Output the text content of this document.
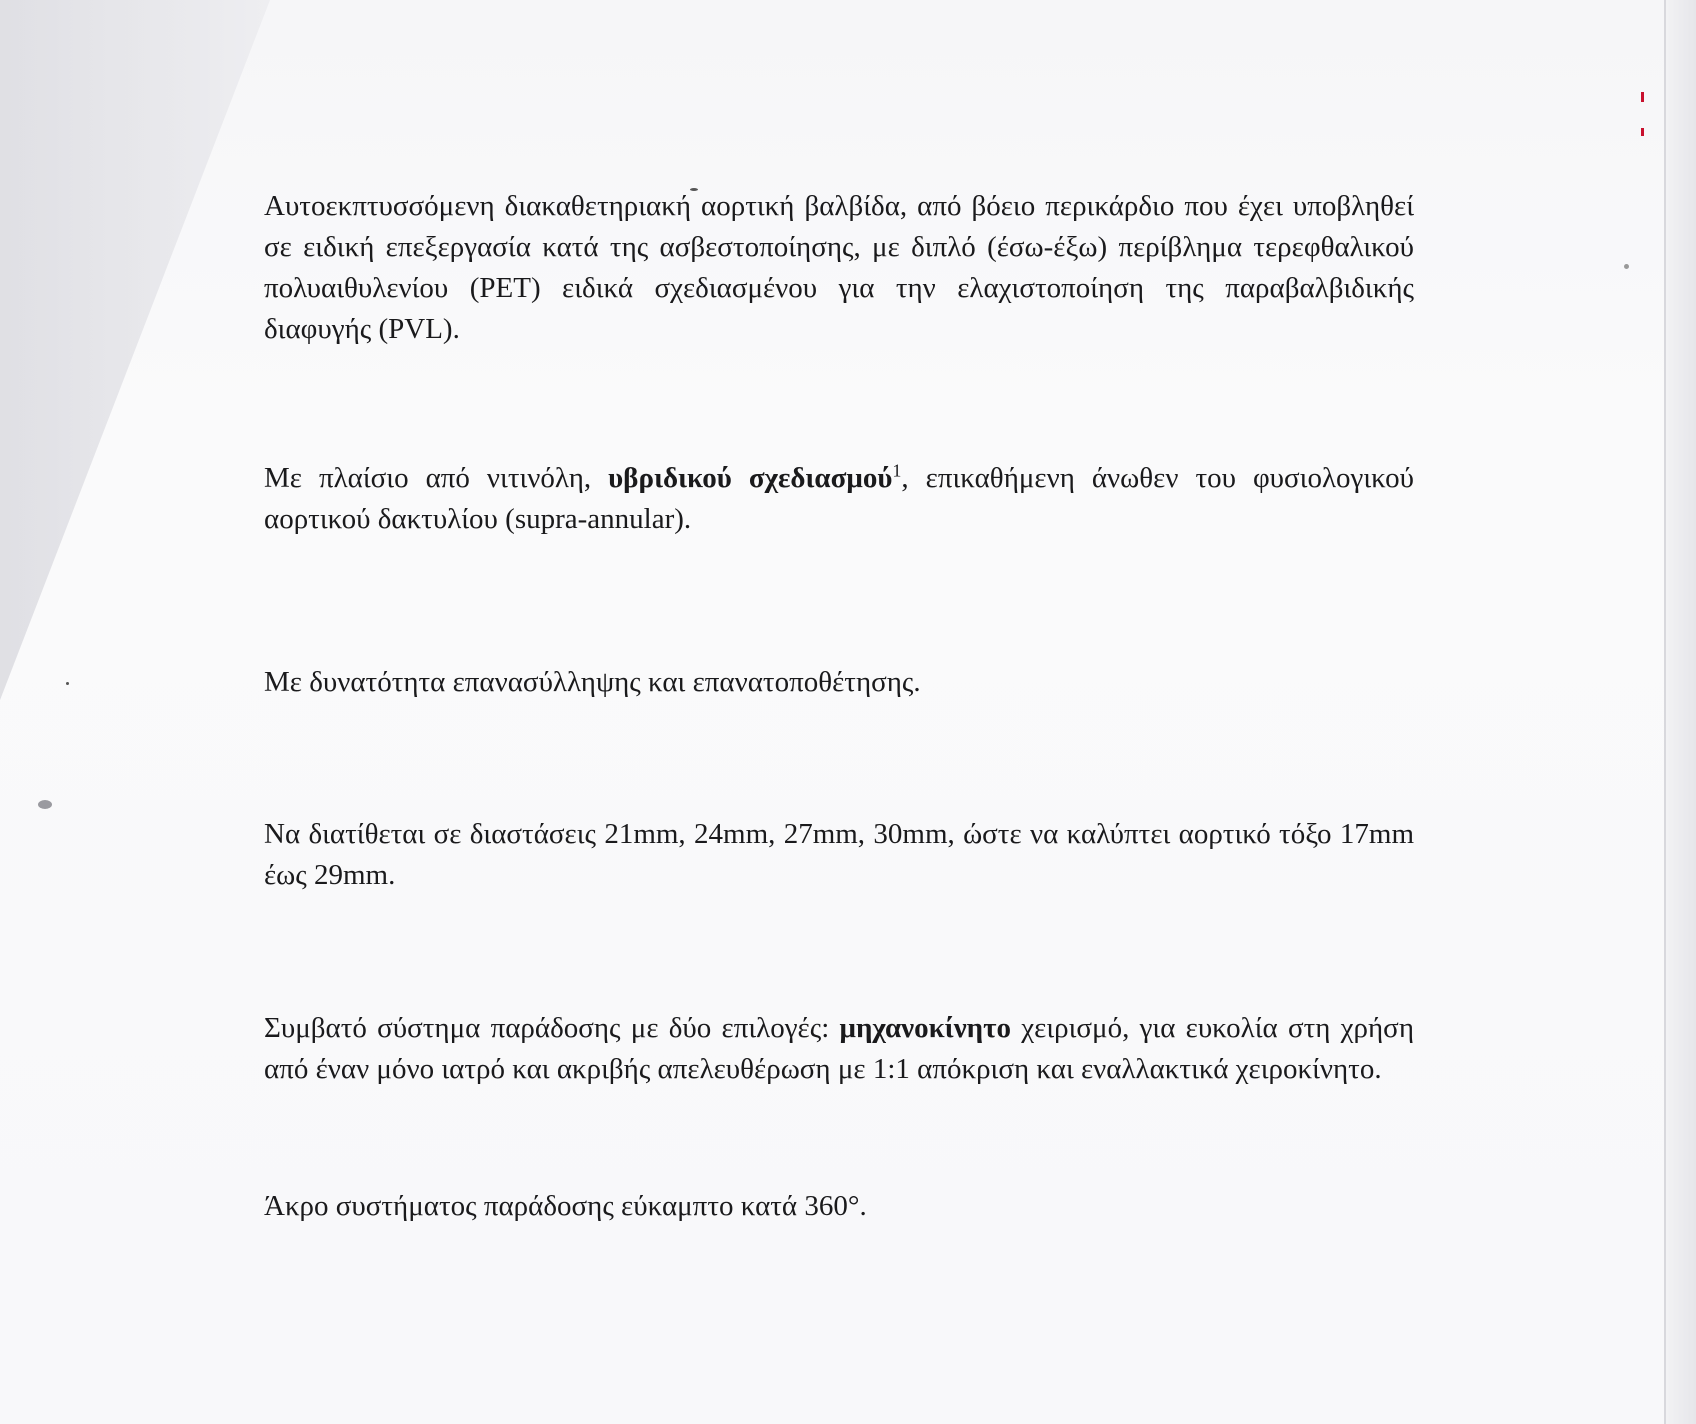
Αυτοεκπτυσσόμενη διακαθετηριακή αορτική βαλβίδα, από βόειο περικάρδιο που έχει υποβληθεί σε ειδική επεξεργασία κατά της ασβεστοποίησης, με διπλό (έσω-έξω) περίβλημα τερεφθαλικού πολυαιθυλενίου (PET) ειδικά σχεδιασμένου για την ελαχιστοποίηση της παραβαλβιδικής διαφυγής (PVL).

Με πλαίσιο από νιτινόλη, υβριδικού σχεδιασμού$^1$, επικαθήμενη άνωθεν του φυσιολογικού αορτικού δακτυλίου (supra-annular).

Με δυνατότητα επανασύλληψης και επανατοποθέτησης.

Να διατίθεται σε διαστάσεις 21mm, 24mm, 27mm, 30mm, ώστε να καλύπτει αορτικό τόξο 17mm έως 29mm.

Συμβατό σύστημα παράδοσης με δύο επιλογές: μηχανοκίνητο χειρισμό, για ευκολία στη χρήση από έναν μόνο ιατρό και ακριβής απελευθέρωση με 1:1 απόκριση και εναλλακτικά χειροκίνητο.

Άκρο συστήματος παράδοσης εύκαμπτο κατά 360°.
